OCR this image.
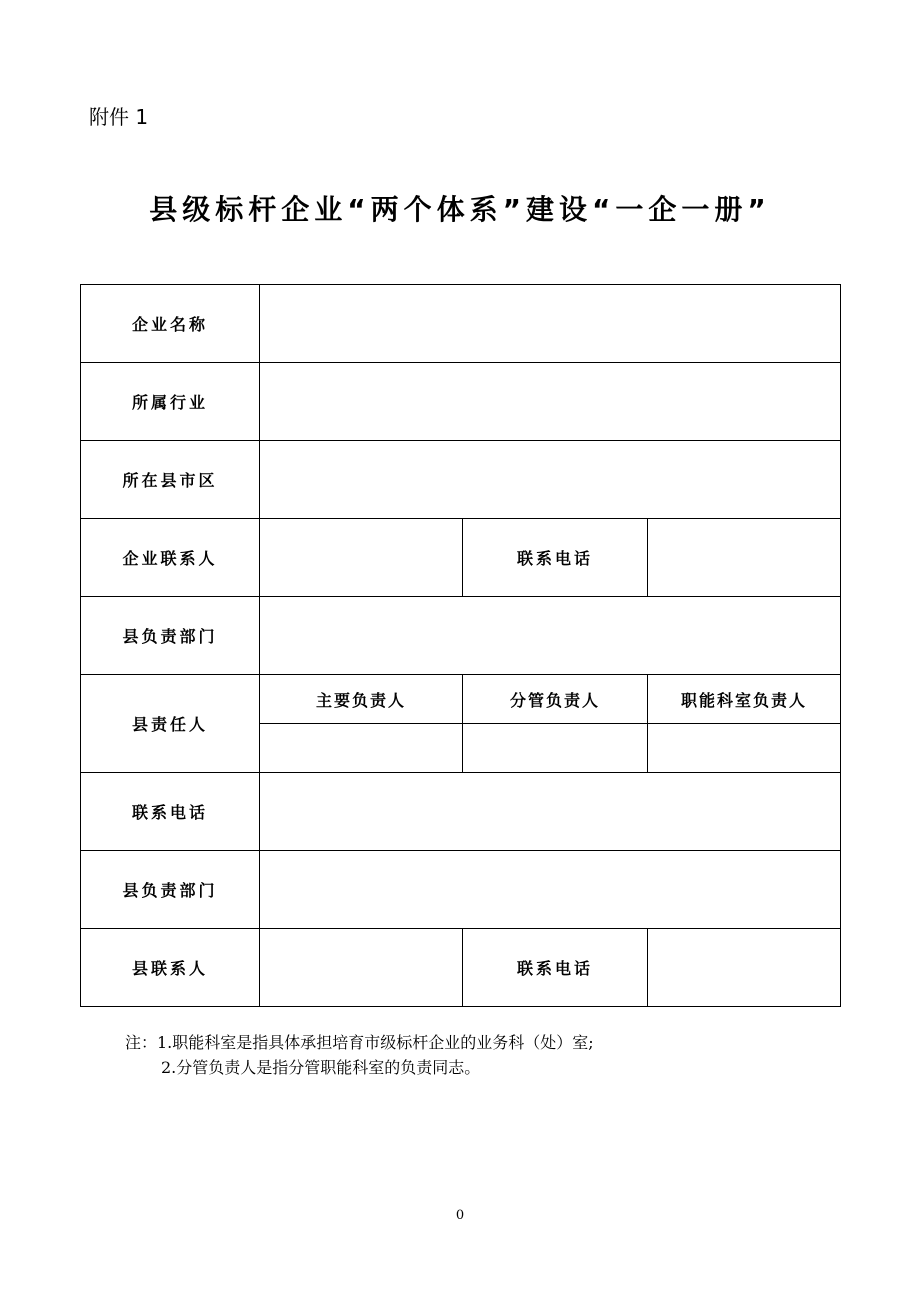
附件 1
县级标杆企业“两个体系”建设“一企一册”
企业名称			
所属行业			
所在县市区			
企业联系人		联系电话	
县负责部门			
县责任人	主要负责人	分管负责人	职能科室负责人

联系电话			
县负责部门			
县联系人		联系电话	
注：1.职能科室是指具体承担培育市级标杆企业的业务科（处）室;
2.分管负责人是指分管职能科室的负责同志。
0
